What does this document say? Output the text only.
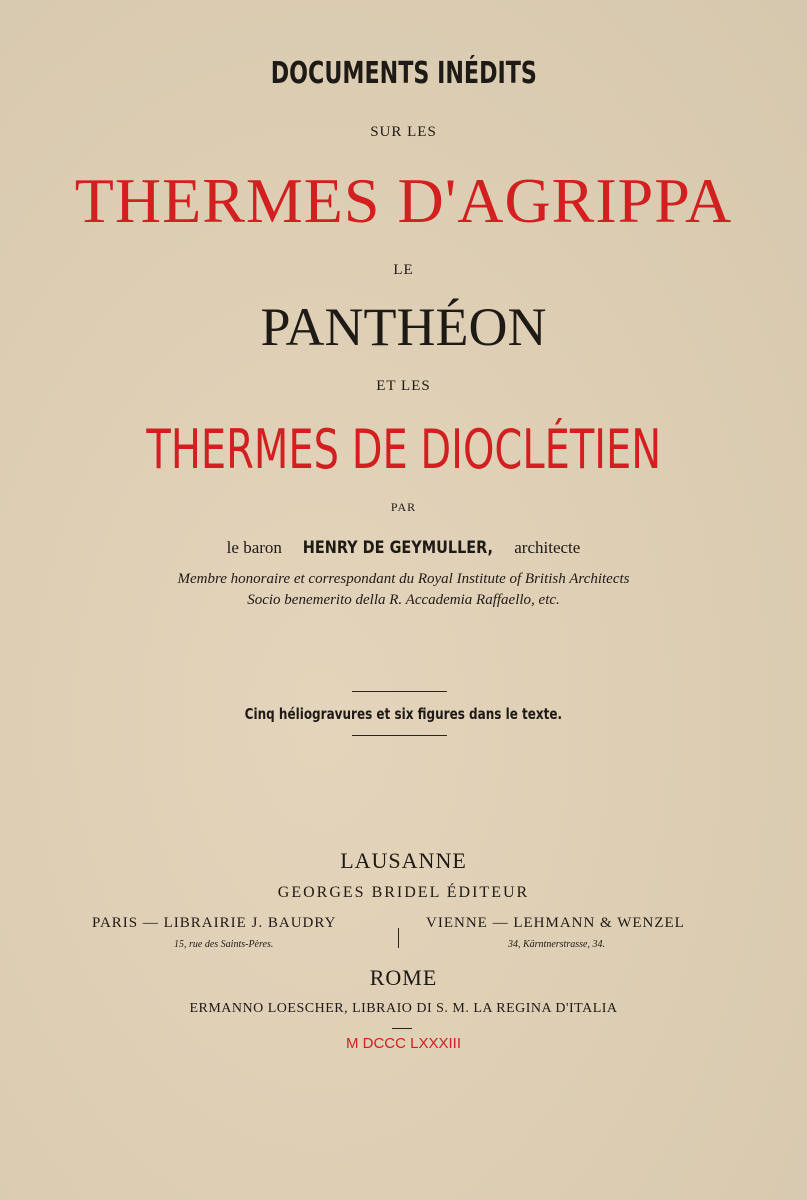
DOCUMENTS INÉDITS
SUR LES
THERMES D'AGRIPPA
LE
PANTHÉON
ET LES
THERMES DE DIOCLÉTIEN
PAR
le baron HENRY DE GEYMULLER, architecte
Membre honoraire et correspondant du Royal Institute of British Architects
Socio benemerito della R. Accademia Raffaello, etc.
Cinq héliogravures et six figures dans le texte.
LAUSANNE
GEORGES BRIDEL ÉDITEUR
PARIS — LIBRAIRIE J. BAUDRY
15, rue des Saints-Pères.
VIENNE — LEHMANN & WENZEL
34, Kärntnerstrasse, 34.
ROME
ERMANNO LOESCHER, LIBRAIO DI S. M. LA REGINA D'ITALIA
M DCCC LXXXIII
